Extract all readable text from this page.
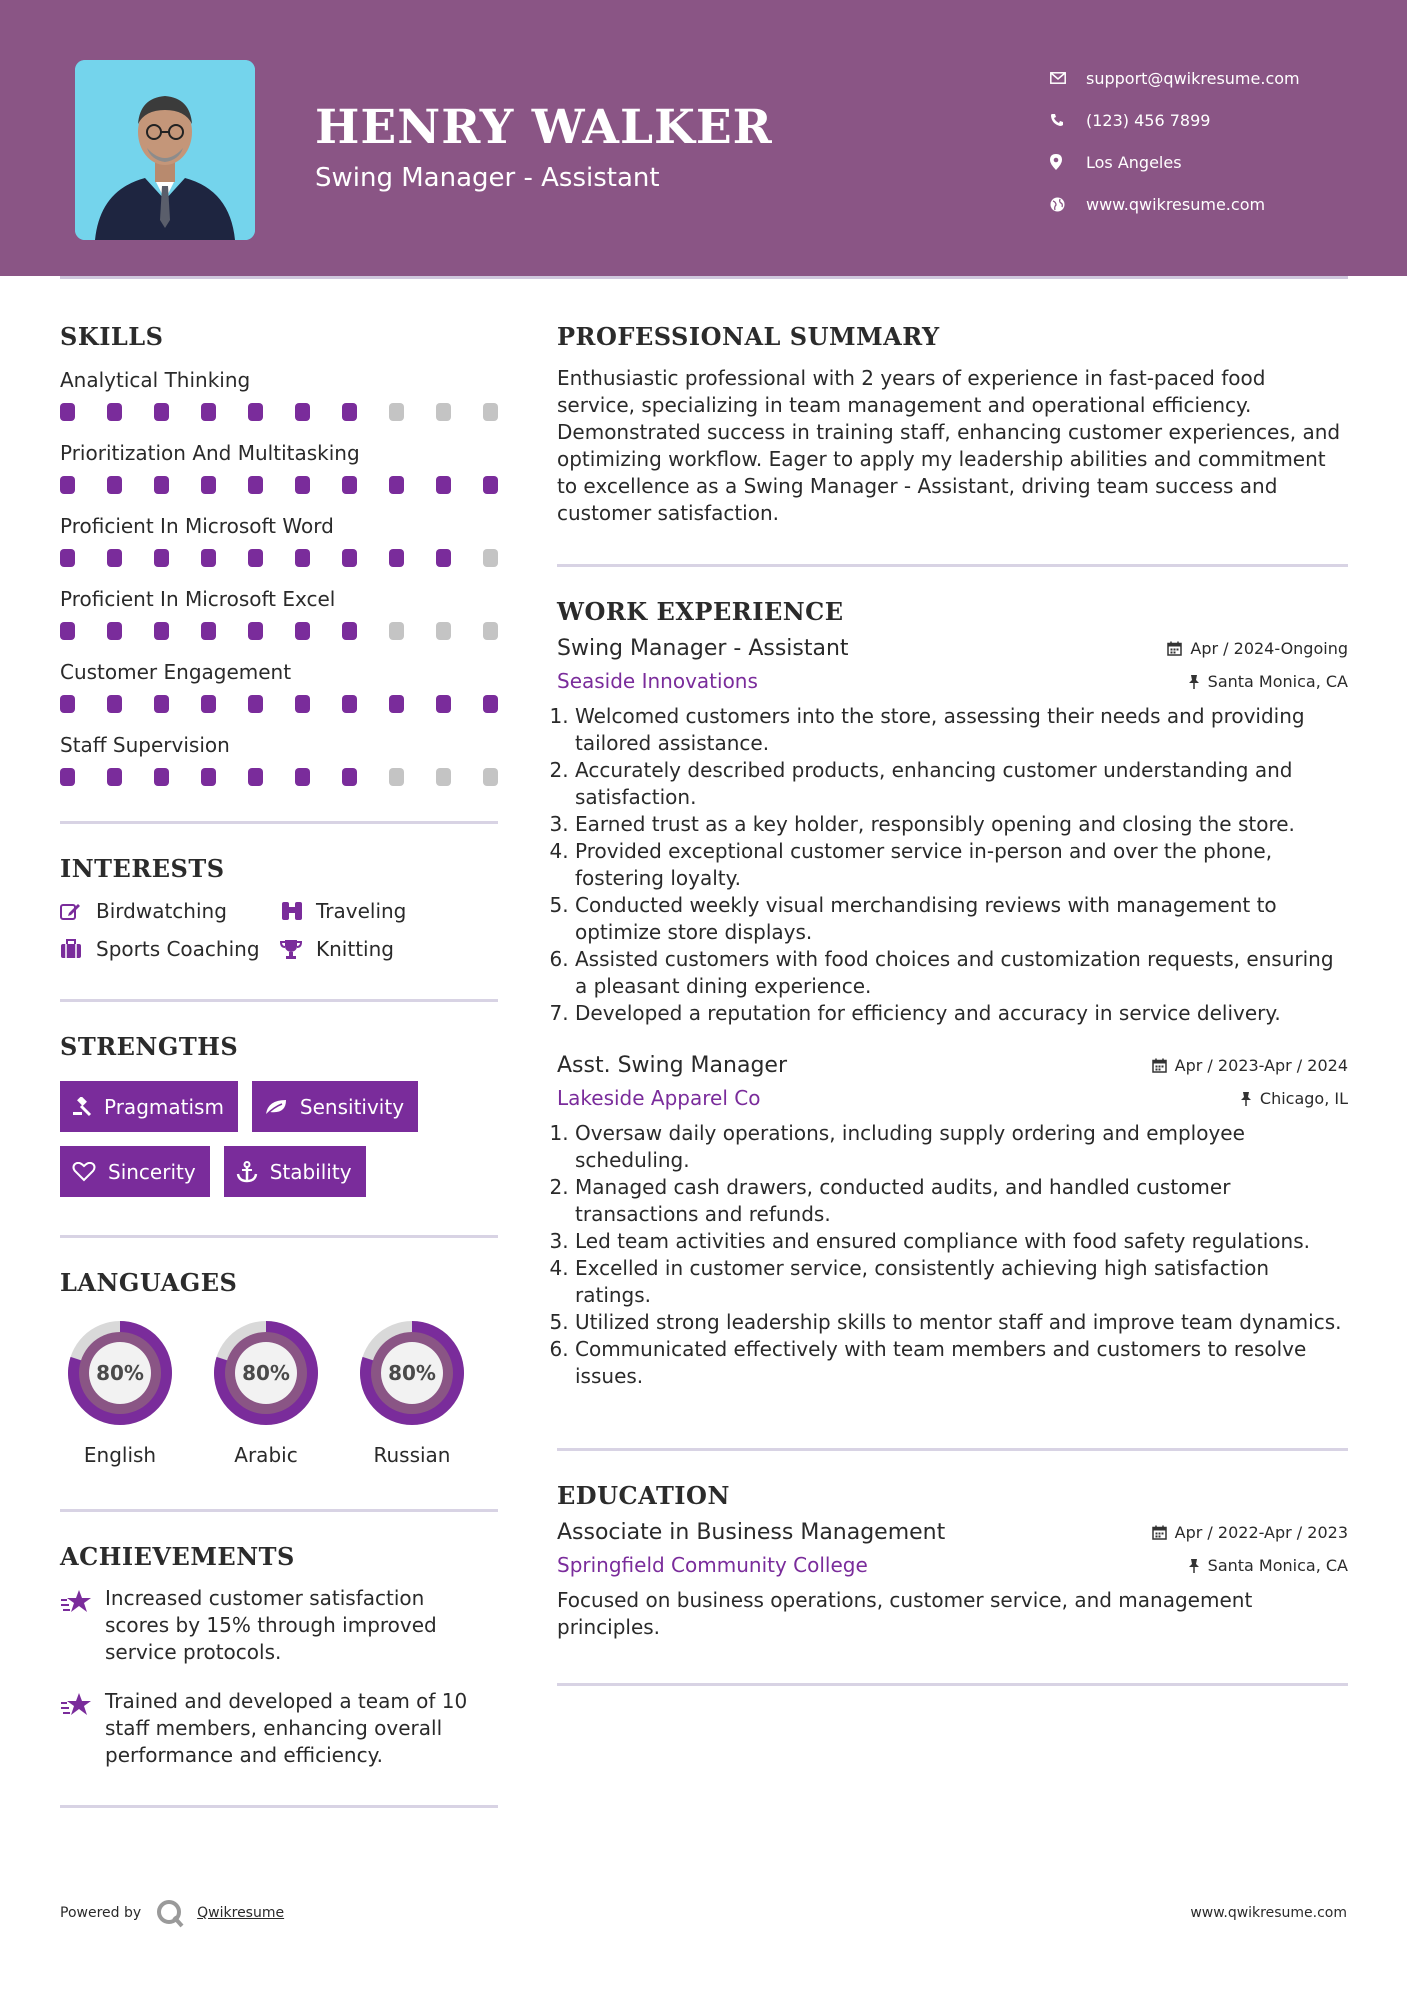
HENRY WALKER
Swing Manager - Assistant
support@qwikresume.com
(123) 456 7899
Los Angeles
www.qwikresume.com
SKILLS
Analytical Thinking
Prioritization And Multitasking
Proficient In Microsoft Word
Proficient In Microsoft Excel
Customer Engagement
Staff Supervision
INTERESTS
Birdwatching	Traveling
Sports Coaching	Knitting
STRENGTHS
Pragmatism	Sensitivity
Sincerity	Stability
LANGUAGES
80%
English
80%
Arabic
80%
Russian
ACHIEVEMENTS
Increased customer satisfaction scores by 15% through improved service protocols.
Trained and developed a team of 10 staff members, enhancing overall performance and efficiency.
PROFESSIONAL SUMMARY
Enthusiastic professional with 2 years of experience in fast-paced food service, specializing in team management and operational efficiency. Demonstrated success in training staff, enhancing customer experiences, and optimizing workflow. Eager to apply my leadership abilities and commitment to excellence as a Swing Manager - Assistant, driving team success and customer satisfaction.
WORK EXPERIENCE
Swing Manager - Assistant	Apr / 2024-Ongoing
Seaside Innovations	Santa Monica, CA
1. Welcomed customers into the store, assessing their needs and providing tailored assistance.
2. Accurately described products, enhancing customer understanding and satisfaction.
3. Earned trust as a key holder, responsibly opening and closing the store.
4. Provided exceptional customer service in-person and over the phone, fostering loyalty.
5. Conducted weekly visual merchandising reviews with management to optimize store displays.
6. Assisted customers with food choices and customization requests, ensuring a pleasant dining experience.
7. Developed a reputation for efficiency and accuracy in service delivery.
Asst. Swing Manager	Apr / 2023-Apr / 2024
Lakeside Apparel Co	Chicago, IL
1. Oversaw daily operations, including supply ordering and employee scheduling.
2. Managed cash drawers, conducted audits, and handled customer transactions and refunds.
3. Led team activities and ensured compliance with food safety regulations.
4. Excelled in customer service, consistently achieving high satisfaction ratings.
5. Utilized strong leadership skills to mentor staff and improve team dynamics.
6. Communicated effectively with team members and customers to resolve issues.
EDUCATION
Associate in Business Management	Apr / 2022-Apr / 2023
Springfield Community College	Santa Monica, CA
Focused on business operations, customer service, and management principles.
Powered by	Qwikresume	www.qwikresume.com
